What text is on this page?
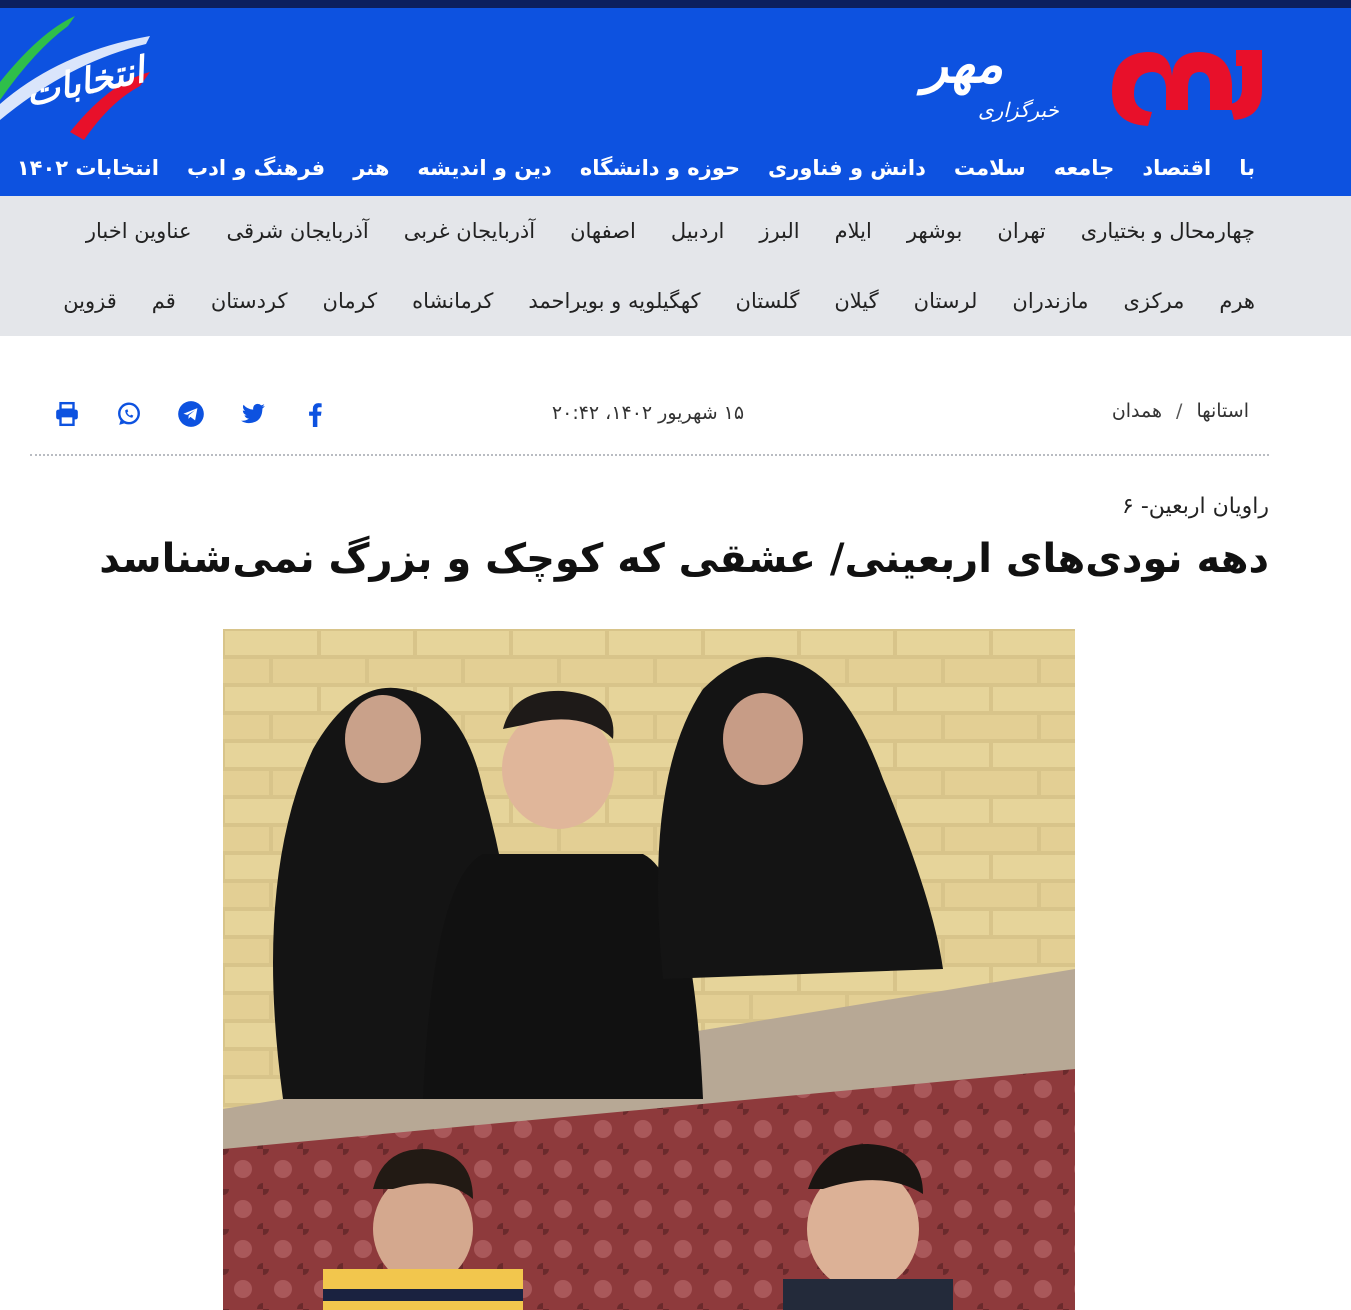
مهر
خبرگزاری
انتخابات
انتخابات ۱۴۰۲ فرهنگ و ادب هنر دین و اندیشه حوزه و دانشگاه دانش و فناوری سلامت جامعه اقتصاد با
عناوین اخبار آذربایجان شرقی آذربایجان غربی اصفهان اردبیل البرز ایلام بوشهر تهران چهارمحال و بختیاری
قزوین قم کردستان کرمان کرمانشاه کهگیلویه و بویراحمد گلستان گیلان لرستان مازندران مرکزی هرم
استانها
/
همدان
۱۵ شهریور ۱۴۰۲، ۲۰:۴۲
راویان اربعین- ۶
دهه نودی‌های اربعینی/ عشقی که کوچک و بزرگ نمی‌شناسد
